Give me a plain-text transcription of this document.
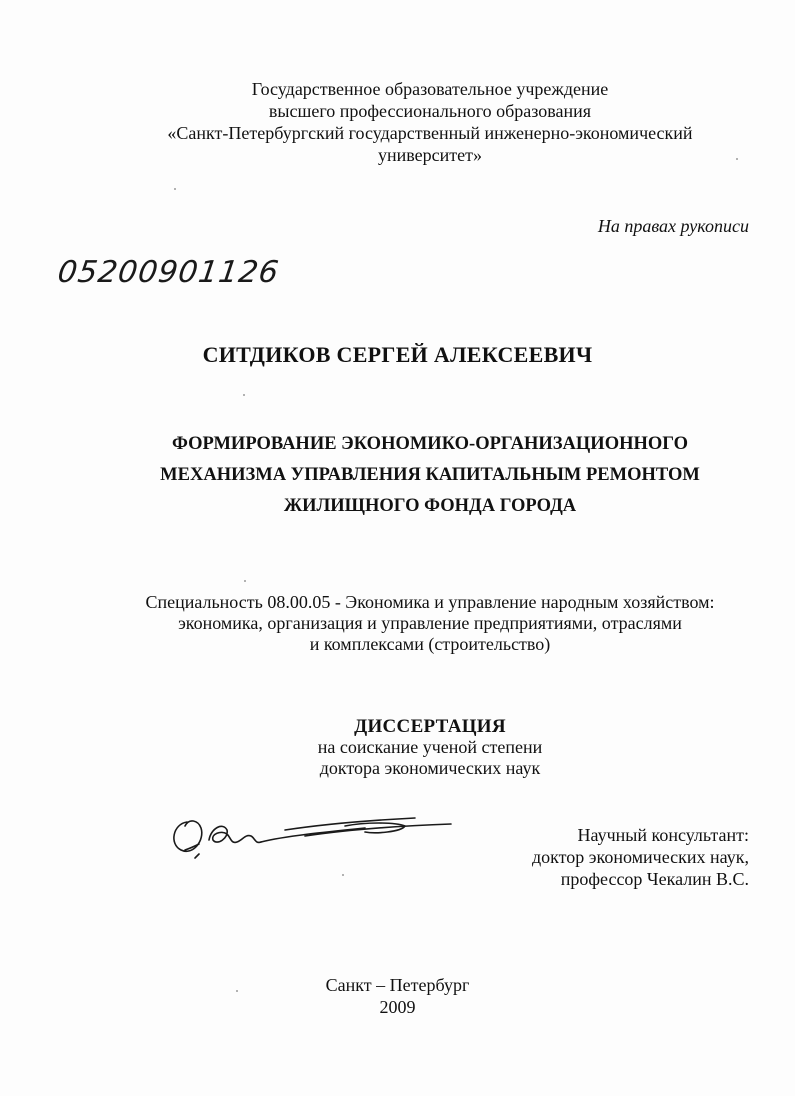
Государственное образовательное учреждение
высшего профессионального образования
«Санкт-Петербургский государственный инженерно-экономический
университет»
На правах рукописи
05200901126
СИТДИКОВ СЕРГЕЙ АЛЕКСЕЕВИЧ
ФОРМИРОВАНИЕ ЭКОНОМИКО-ОРГАНИЗАЦИОННОГО
МЕХАНИЗМА УПРАВЛЕНИЯ КАПИТАЛЬНЫМ РЕМОНТОМ
ЖИЛИЩНОГО ФОНДА ГОРОДА
Специальность 08.00.05 - Экономика и управление народным хозяйством:
экономика, организация и управление предприятиями, отраслями
и комплексами (строительство)
ДИССЕРТАЦИЯ
на соискание ученой степени
доктора экономических наук
Научный консультант:
доктор экономических наук,
профессор Чекалин В.С.
Санкт – Петербург
2009
